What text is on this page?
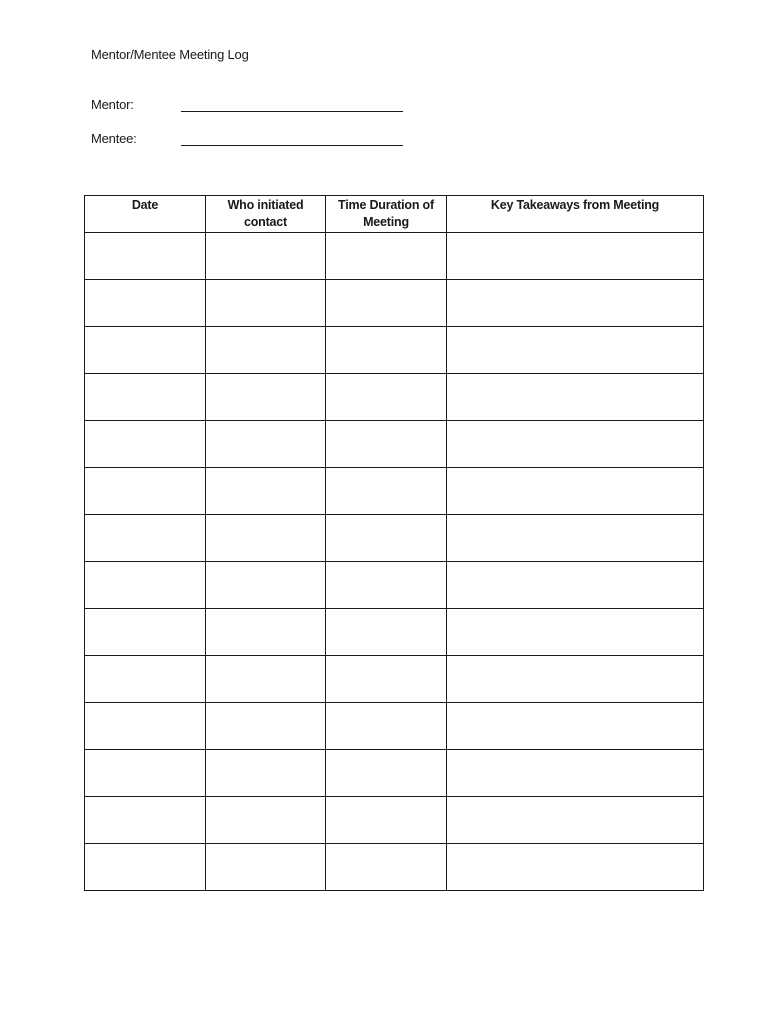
Mentor/Mentee Meeting Log
Mentor:
Mentee:
Date	Who initiated contact	Time Duration of Meeting	Key Takeaways from Meeting
